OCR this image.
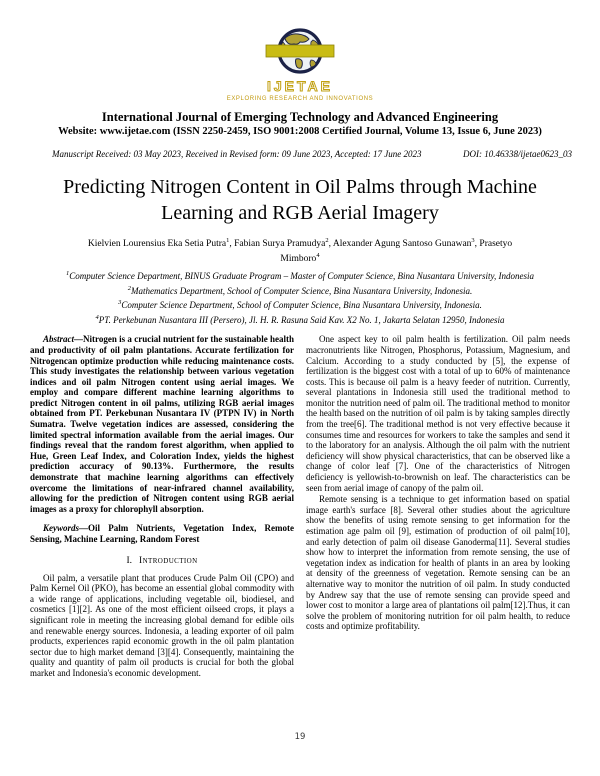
IJETAE
EXPLORING RESEARCH AND INNOVATIONS
International Journal of Emerging Technology and Advanced Engineering
Website: www.ijetae.com (ISSN 2250-2459, ISO 9001:2008 Certified Journal, Volume 13, Issue 6, June 2023)
Manuscript Received: 03 May 2023, Received in Revised form: 09 June 2023, Accepted: 17 June 2023	DOI: 10.46338/ijetae0623_03
Predicting Nitrogen Content in Oil Palms through Machine Learning and RGB Aerial Imagery
Kielvien Lourensius Eka Setia Putra$^1$, Fabian Surya Pramudya$^2$, Alexander Agung Santoso Gunawan$^3$, Prasetyo Mimboro$^4$
$^1$Computer Science Department, BINUS Graduate Program – Master of Computer Science, Bina Nusantara University, Indonesia
$^2$Mathematics Department, School of Computer Science, Bina Nusantara University, Indonesia.
$^3$Computer Science Department, School of Computer Science, Bina Nusantara University, Indonesia.
$^4$PT. Perkebunan Nusantara III (Persero), Jl. H. R. Rasuna Said Kav. X2 No. 1, Jakarta Selatan 12950, Indonesia

Abstract—Nitrogen is a crucial nutrient for the sustainable health and productivity of oil palm plantations. Accurate fertilization for Nitrogencan optimize production while reducing maintenance costs. This study investigates the relationship between various vegetation indices and oil palm Nitrogen content using aerial images. We employ and compare different machine learning algorithms to predict Nitrogen content in oil palms, utilizing RGB aerial images obtained from PT. Perkebunan Nusantara IV (PTPN IV) in North Sumatra. Twelve vegetation indices are assessed, considering the limited spectral information available from the aerial images. Our findings reveal that the random forest algorithm, when applied to Hue, Green Leaf Index, and Coloration Index, yields the highest prediction accuracy of 90.13%. Furthermore, the results demonstrate that machine learning algorithms can effectively overcome the limitations of near-infrared channel availability, allowing for the prediction of Nitrogen content using RGB aerial images as a proxy for chlorophyll absorption.

Keywords—Oil Palm Nutrients, Vegetation Index, Remote Sensing, Machine Learning, Random Forest

I. Introduction

Oil palm, a versatile plant that produces Crude Palm Oil (CPO) and Palm Kernel Oil (PKO), has become an essential global commodity with a wide range of applications, including vegetable oil, biodiesel, and cosmetics [1][2]. As one of the most efficient oilseed crops, it plays a significant role in meeting the increasing global demand for edible oils and renewable energy sources. Indonesia, a leading exporter of oil palm products, experiences rapid economic growth in the oil palm plantation sector due to high market demand [3][4]. Consequently, maintaining the quality and quantity of palm oil products is crucial for both the global market and Indonesia's economic development.

One aspect key to oil palm health is fertilization. Oil palm needs macronutrients like Nitrogen, Phosphorus, Potassium, Magnesium, and Calcium. According to a study conducted by [5], the expense of fertilization is the biggest cost with a total of up to 60% of maintenance costs. This is because oil palm is a heavy feeder of nutrition. Currently, several plantations in Indonesia still used the traditional method to monitor the nutrition need of palm oil. The traditional method to monitor the health based on the nutrition of oil palm is by taking samples directly from the tree[6]. The traditional method is not very effective because it consumes time and resources for workers to take the samples and send it to the laboratory for an analysis. Although the oil palm with the nutrient deficiency will show physical characteristics, that can be observed like a change of color leaf [7]. One of the characteristics of Nitrogen deficiency is yellowish-to-brownish on leaf. The characteristics can be seen from aerial image of canopy of the palm oil.

Remote sensing is a technique to get information based on spatial image earth's surface [8]. Several other studies about the agriculture show the benefits of using remote sensing to get information for the estimation age palm oil [9], estimation of production of oil palm[10], and early detection of palm oil disease Ganoderma[11]. Several studies show how to interpret the information from remote sensing, the use of vegetation index as indication for health of plants in an area by looking at density of the greenness of vegetation. Remote sensing can be an alternative way to monitor the nutrition of oil palm. In study conducted by Andrew say that the use of remote sensing can provide speed and lower cost to monitor a large area of plantations oil palm[12].Thus, it can solve the problem of monitoring nutrition for oil palm health, to reduce costs and optimize profitability.

19
